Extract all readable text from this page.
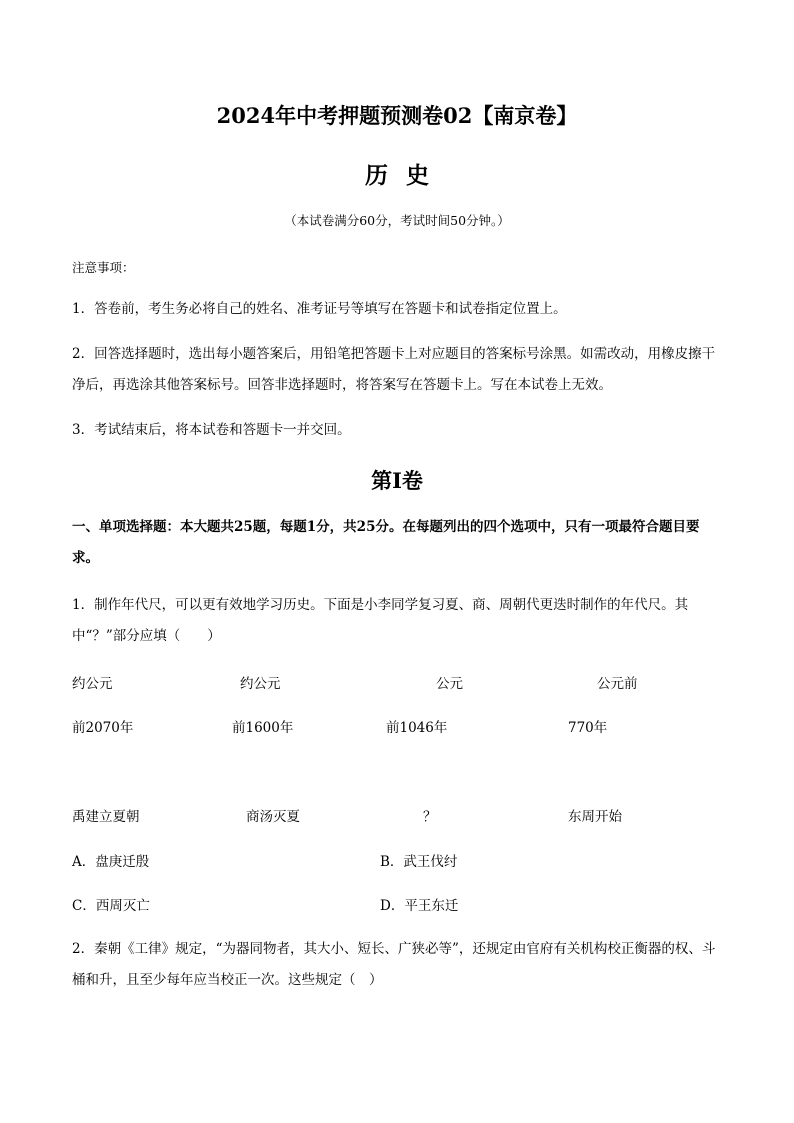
2024年中考押题预测卷02【南京卷】
历史
（本试卷满分60分，考试时间50分钟。）
注意事项：
1．答卷前，考生务必将自己的姓名、准考证号等填写在答题卡和试卷指定位置上。
2．回答选择题时，选出每小题答案后，用铅笔把答题卡上对应题目的答案标号涂黑。如需改动，用橡皮擦干净后，再选涂其他答案标号。回答非选择题时，将答案写在答题卡上。写在本试卷上无效。
3．考试结束后，将本试卷和答题卡一并交回。
第Ⅰ卷
一、单项选择题：本大题共25题，每题1分，共25分。在每题列出的四个选项中，只有一项最符合题目要求。
1．制作年代尺，可以更有效地学习历史。下面是小李同学复习夏、商、周朝代更迭时制作的年代尺。其中“？”部分应填（　　）
约公元	约公元	公元	公元前
前2070年	前1600年	前1046年	770年
禹建立夏朝	商汤灭夏	？	东周开始
A．盘庚迁殷	B．武王伐纣
C．西周灭亡	D．平王东迁
2．秦朝《工律》规定，“为器同物者，其大小、短长、广狭必等”，还规定由官府有关机构校正衡器的权、斗桶和升，且至少每年应当校正一次。这些规定（　）
